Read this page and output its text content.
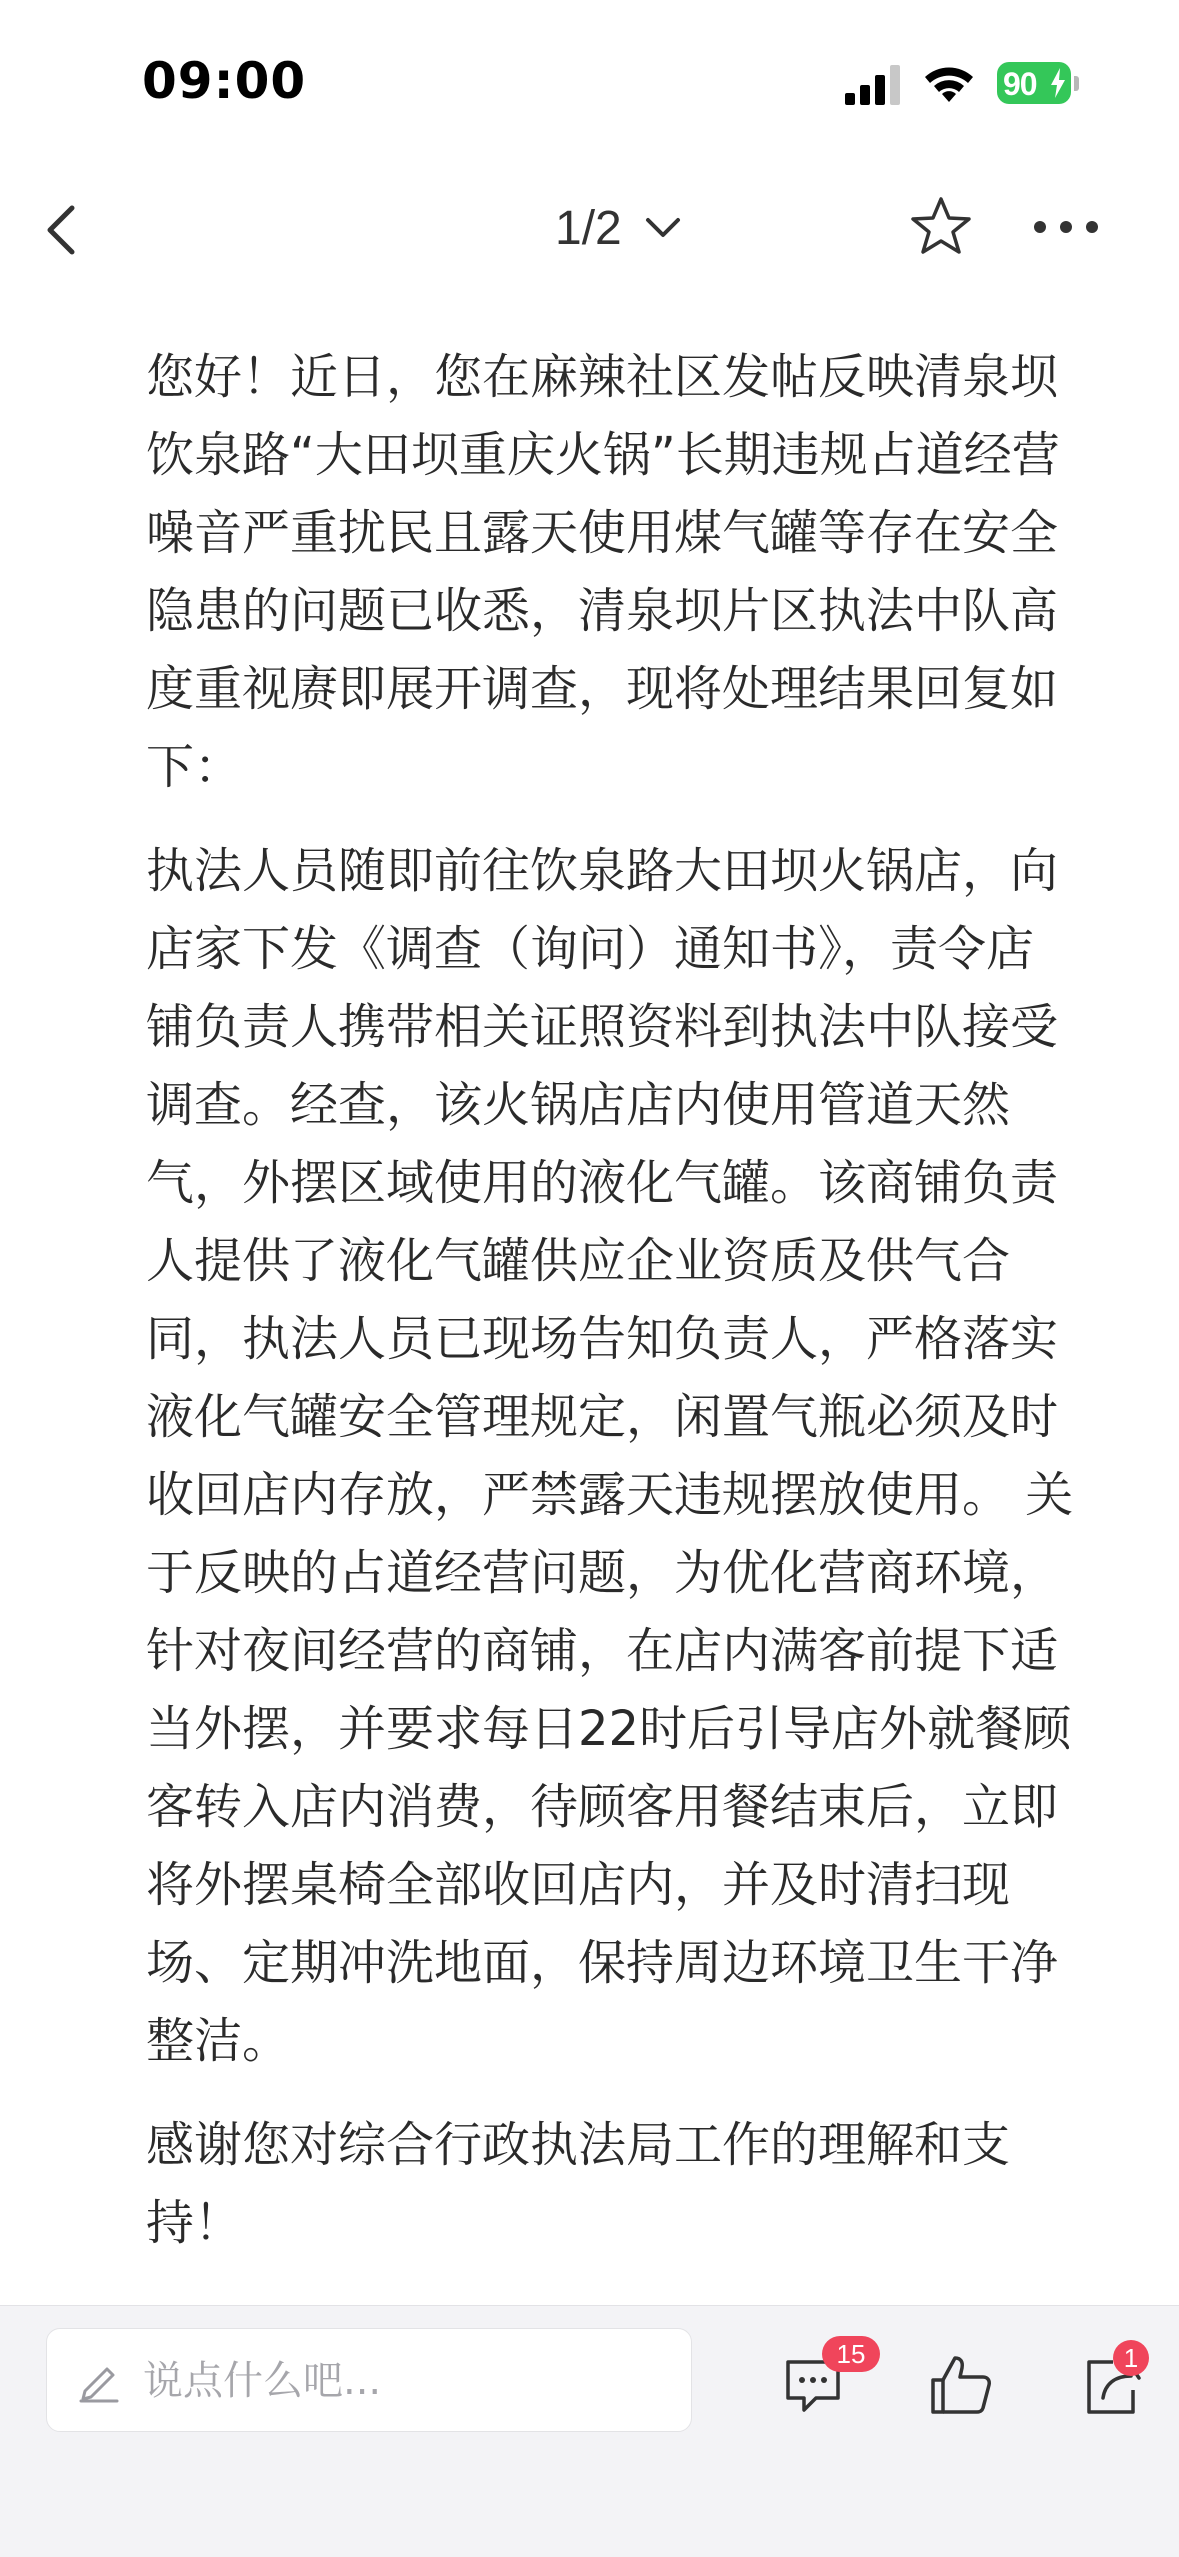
09:00	90
1/2

您好！近日，您在麻辣社区发帖反映清泉坝饮泉路“大田坝重庆火锅”长期违规占道经营噪音严重扰民且露天使用煤气罐等存在安全隐患的问题已收悉，清泉坝片区执法中队高度重视赓即展开调查，现将处理结果回复如下：

执法人员随即前往饮泉路大田坝火锅店，向店家下发《调查（询问）通知书》，责令店铺负责人携带相关证照资料到执法中队接受调查。经查，该火锅店店内使用管道天然气，外摆区域使用的液化气罐。该商铺负责人提供了液化气罐供应企业资质及供气合同，执法人员已现场告知负责人，严格落实液化气罐安全管理规定，闲置气瓶必须及时收回店内存放，严禁露天违规摆放使用。 关于反映的占道经营问题，为优化营商环境，针对夜间经营的商铺，在店内满客前提下适当外摆，并要求每日22时后引导店外就餐顾客转入店内消费，待顾客用餐结束后，立即将外摆桌椅全部收回店内，并及时清扫现场、定期冲洗地面，保持周边环境卫生干净整洁。

感谢您对综合行政执法局工作的理解和支持！

说点什么吧...
15	1
